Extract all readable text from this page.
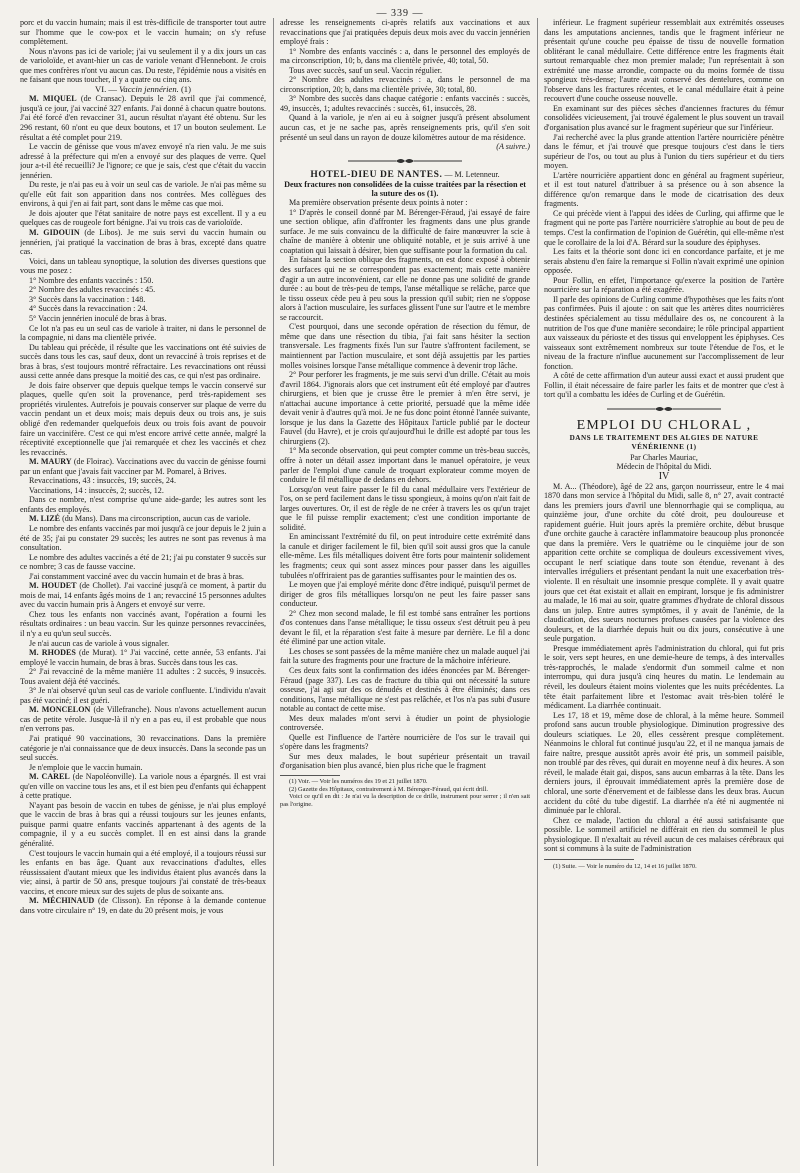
— 339 —

porc et du vaccin humain; mais il est très-difficile de transporter tout autre sur l'homme que le cow-pox et le vaccin humain; on s'y refuse complètement.

Nous n'avons pas ici de variole; j'ai vu seulement il y a dix jours un cas de varioloïde, et avant-hier un cas de variole venant d'Hennebont. Je crois que mes confrères n'ont vu aucun cas. Du reste, l'épidémie nous a visités en ne faisant que nous toucher, il y a quatre ou cinq ans.

VI. — Vaccin jennérien. (1)

M. MIQUEL (de Cransac). Depuis le 28 avril que j'ai commencé, jusqu'à ce jour, j'ai vacciné 327 enfants. J'ai donné à chacun quatre boutons. J'ai été forcé d'en revacciner 31, aucun résultat n'ayant été obtenu. Sur les 296 restant, 60 n'ont eu que deux boutons, et 17 un bouton seulement. Le résultat a été complet pour 219.

Le vaccin de génisse que vous m'avez envoyé n'a rien valu. Je me suis adressé à la préfecture qui m'en a envoyé sur des plaques de verre. Quel jour a-t-il été recueilli? Je l'ignore; ce que je sais, c'est que c'était du vaccin jennérien.

Du reste, je n'ai pas eu à voir un seul cas de variole. Je n'ai pas même su qu'elle eût fait son apparition dans nos contrées. Mes collègues des environs, à qui j'en ai fait part, sont dans le même cas que moi.

Je dois ajouter que l'état sanitaire de notre pays est excellent. Il y a eu quelques cas de rougeole fort bénigne. J'ai vu trois cas de varioloïde.

M. GIDOUIN (de Libos). Je me suis servi du vaccin humain ou jennérien, j'ai pratiqué la vaccination de bras à bras, excepté dans quatre cas.

Voici, dans un tableau synoptique, la solution des diverses questions que vous me posez :

1° Nombre des enfants vaccinés : 150.

2° Nombre des adultes revaccinés : 45.

3° Succès dans la vaccination : 148.

4° Succès dans la revaccination : 24.

5° Vaccin jennérien inoculé de bras à bras.

Ce lot n'a pas eu un seul cas de variole à traiter, ni dans le personnel de la compagnie, ni dans ma clientèle privée.

Du tableau qui précède, il résulte que les vaccinations ont été suivies de succès dans tous les cas, sauf deux, dont un revacciné à trois reprises et de bras à bras, s'est toujours montré réfractaire. Les revaccinations ont réussi aussi cette année dans presque la moitié des cas, ce qui n'est pas ordinaire.

Je dois faire observer que depuis quelque temps le vaccin conservé sur plaques, quelle qu'en soit la provenance, perd très-rapidement ses propriétés virulentes. Autrefois je pouvais conserver sur plaque de verre du vaccin pendant un et deux mois; mais depuis deux ou trois ans, je suis obligé d'en redemander quelquefois deux ou trois fois avant de pouvoir faire un vaccinifère. C'est ce qui m'est encore arrivé cette année, malgré la réceptivité exceptionnelle que j'ai remarquée et chez les vaccinés et chez les revaccinés.

M. MAURY (de Floirac). Vaccinations avec du vaccin de génisse fourni par un enfant que j'avais fait vacciner par M. Pomarel, à Brives.

Revaccinations, 43 : insuccès, 19; succès, 24.

Vaccinations, 14 : insuccès, 2; succès, 12.

Dans ce nombre, n'est comprise qu'une aide-garde; les autres sont les enfants des employés.

M. LIZÉ (du Mans). Dans ma circonscription, aucun cas de variole.

Le nombre des enfants vaccinés par moi jusqu'à ce jour depuis le 2 juin a été de 35; j'ai pu constater 29 succès; les autres ne sont pas revenus à ma consultation.

Le nombre des adultes vaccinés a été de 21; j'ai pu constater 9 succès sur ce nombre; 3 cas de fausse vaccine.

J'ai constamment vacciné avec du vaccin humain et de bras à bras.

M. HOUDET (de Chollet). J'ai vacciné jusqu'à ce moment, à partir du mois de mai, 14 enfants âgés moins de 1 an; revacciné 15 personnes adultes avec du vaccin humain pris à Angers et envoyé sur verre.

Chez tous les enfants non vaccinés avant, l'opération a fourni les résultats ordinaires : un beau vaccin. Sur les quinze personnes revaccinées, il n'y a eu qu'un seul succès.

Je n'ai aucun cas de variole à vous signaler.

M. RHODES (de Murat). 1° J'ai vacciné, cette année, 53 enfants. J'ai employé le vaccin humain, de bras à bras. Succès dans tous les cas.

2° J'ai revacciné de la même manière 11 adultes : 2 succès, 9 insuccès. Tous avaient déjà été vaccinés.

3° Je n'ai observé qu'un seul cas de variole confluente. L'individu n'avait pas été vacciné; il est guéri.

M. MONCELON (de Villefranche). Nous n'avons actuellement aucun cas de petite vérole. Jusque-là il n'y en a pas eu, il est probable que nous n'en verrons pas.

J'ai pratiqué 90 vaccinations, 30 revaccinations. Dans la première catégorie je n'ai connaissance que de deux insuccès. Dans la seconde pas un seul succès.

Je n'emploie que le vaccin humain.

M. CAREL (de Napoléonville). La variole nous a épargnés. Il est vrai qu'en ville on vaccine tous les ans, et il est bien peu d'enfants qui échappent à cette pratique.

N'ayant pas besoin de vaccin en tubes de génisse, je n'ai plus employé que le vaccin de bras à bras qui a réussi toujours sur les jeunes enfants, puisque parmi quatre enfants vaccinés appartenant à des agents de la compagnie, il y a eu succès complet. Il en est ainsi dans la grande généralité.

C'est toujours le vaccin humain qui a été employé, il a toujours réussi sur les enfants en bas âge. Quant aux revaccinations d'adultes, elles réussissaient d'autant mieux que les individus étaient plus avancés dans la vie; ainsi, à partir de 50 ans, presque toujours j'ai constaté de très-beaux vaccins, et encore mieux sur des sujets de plus de soixante ans.

M. MÉCHINAUD (de Clisson). En réponse à la demande contenue dans votre circulaire n° 19, en date du 20 présent mois, je vous

adresse les renseignements ci-après relatifs aux vaccinations et aux revaccinations que j'ai pratiquées depuis deux mois avec du vaccin jennérien employé frais :

1° Nombre des enfants vaccinés : a, dans le personnel des employés de ma circonscription, 10; b, dans ma clientèle privée, 40; total, 50.

Tous avec succès, sauf un seul. Vaccin régulier.

2° Nombre des adultes revaccinés : a, dans le personnel de ma circonscription, 20; b, dans ma clientèle privée, 30; total, 80.

3° Nombre des succès dans chaque catégorie : enfants vaccinés : succès, 49, insuccès, 1; adultes revaccinés : succès, 61, insuccès, 28.

Quand à la variole, je n'en ai eu à soigner jusqu'à présent absolument aucun cas, et je ne sache pas, après renseignements pris, qu'il s'en soit présenté un seul dans un rayon de douze kilomètres autour de ma résidence.

(A suivre.)

HOTEL-DIEU DE NANTES. — M. Letenneur.

Deux fractures non consolidées de la cuisse traitées par la résection et la suture des os (1).

Ma première observation présente deux points à noter :

1° D'après le conseil donné par M. Bérenger-Féraud, j'ai essayé de faire une section oblique, afin d'affronter les fragments dans une plus grande surface. Je me suis convaincu de la difficulté de faire manœuvrer la scie à chaîne de manière à obtenir une obliquité notable, et je suis arrivé à une coaptation qui laissait à désirer, bien que suffisante pour la formation du cal.

En faisant la section oblique des fragments, on est donc exposé à obtenir des surfaces qui ne se correspondent pas exactement; mais cette manière d'agir a un autre inconvénient, car elle ne donne pas une solidité de grande durée : au bout de très-peu de temps, l'anse métallique se relâche, parce que le tissu osseux cède peu à peu sous la pression qu'il subit; rien ne s'oppose alors à l'action musculaire, les surfaces glissent l'une sur l'autre et le membre se raccourcit.

C'est pourquoi, dans une seconde opération de résection du fémur, de même que dans une résection du tibia, j'ai fait sans hésiter la section transversale. Les fragments fixés l'un sur l'autre s'affrontent facilement, se maintiennent par l'action musculaire, et sont déjà assujettis par les parties molles voisines lorsque l'anse métallique commence à devenir trop lâche.

2° Pour perforer les fragments, je me suis servi d'un drille. C'était au mois d'avril 1864. J'ignorais alors que cet instrument eût été employé par d'autres chirurgiens, et bien que je crusse être le premier à m'en être servi, je n'attachai aucune importance à cette priorité, persuadé que la même idée devait venir à d'autres qu'à moi. Je ne fus donc point étonné l'année suivante, lorsque je lus dans la Gazette des Hôpitaux l'article publié par le docteur Fauvel (du Havre), et je crois qu'aujourd'hui le drille est adopté par tous les chirurgiens (2).

1° Ma seconde observation, qui peut compter comme un très-beau succès, offre à noter un détail assez important dans le manuel opératoire, je veux parler de l'emploi d'une canule de troquart explorateur comme moyen de conduire le fil métallique de dedans en dehors.

Lorsqu'on veut faire passer le fil du canal médullaire vers l'extérieur de l'os, on se perd facilement dans le tissu spongieux, à moins qu'on n'ait fait de larges ouvertures. Or, il est de règle de ne créer à travers les os qu'un trajet que le fil puisse remplir exactement; c'est une condition importante de solidité.

En amincissant l'extrémité du fil, on peut introduire cette extrémité dans la canule et diriger facilement le fil, bien qu'il soit aussi gros que la canule elle-même. Les fils métalliques doivent être forts pour maintenir solidement les fragments; ceux qui sont assez minces pour passer dans les aiguilles tubulées n'offriraient pas de garanties suffisantes pour le maintien des os.

Le moyen que j'ai employé mérite donc d'être indiqué, puisqu'il permet de diriger de gros fils métalliques lorsqu'on ne peut les faire passer sans conducteur.

2° Chez mon second malade, le fil est tombé sans entraîner les portions d'os contenues dans l'anse métallique; le tissu osseux s'est détruit peu à peu devant le fil, et la réparation s'est faite à mesure par derrière. Le fil a donc été éliminé par une action vitale.

Les choses se sont passées de la même manière chez un malade auquel j'ai fait la suture des fragments pour une fracture de la mâchoire inférieure.

Ces deux faits sont la confirmation des idées énoncées par M. Bérenger-Féraud (page 337). Les cas de fracture du tibia qui ont nécessité la suture osseuse, j'ai agi sur des os dénudés et destinés à être éliminés; dans ces conditions, l'anse métallique ne s'est pas relâchée, et l'os n'a pas subi d'usure notable au contact de cette mise.

Mes deux malades m'ont servi à étudier un point de physiologie controversée.

Quelle est l'influence de l'artère nourricière de l'os sur le travail qui s'opère dans les fragments?

Sur mes deux malades, le bout supérieur présentait un travail d'organisation bien plus avancé, bien plus riche que le fragment

(1) Voir. — Voir les numéros des 19 et 21 juillet 1870.

(2) Gazette des Hôpitaux, contrairement à M. Bérenger-Féraud, qui écrit drill.

Voici ce qu'il en dit : Je n'ai vu la description de ce drille, instrument pour serrer ; il n'en sait pas l'origine.

inférieur. Le fragment supérieur ressemblait aux extrémités osseuses dans les amputations anciennes, tandis que le fragment inférieur ne présentait qu'une couche peu épaisse de tissu de nouvelle formation oblitérant le canal médullaire. Cette différence entre les fragments était surtout remarquable chez mon premier malade; l'un représentait à son extrémité une masse arrondie, compacte ou du moins formée de tissu spongieux très-dense; l'autre avait conservé des dentelures, comme on l'observe dans les fractures récentes, et le canal médullaire était à peine recouvert d'une couche osseuse nouvelle.

En examinant sur des pièces sèches d'anciennes fractures du fémur consolidées vicieusement, j'ai trouvé également le plus souvent un travail d'organisation plus avancé sur le fragment supérieur que sur l'inférieur.

J'ai recherché avec la plus grande attention l'artère nourricière pénètre dans le fémur, et j'ai trouvé que presque toujours c'est dans le tiers supérieur de l'os, ou tout au plus à l'union du tiers supérieur et du tiers moyen.

L'artère nourricière appartient donc en général au fragment supérieur, et il est tout naturel d'attribuer à sa présence ou à son absence la différence qu'on remarque dans le mode de cicatrisation des deux fragments.

Ce qui précède vient à l'appui des idées de Curling, qui affirme que le fragment qui ne porte pas l'artère nourricière s'atrophie au bout de peu de temps. C'est la confirmation de l'opinion de Guérétin, qui elle-même n'est que le corollaire de la loi d'A. Bérard sur la soudure des épiphyses.

Les faits et la théorie sont donc ici en concordance parfaite, et je me serais abstenu d'en faire la remarque si Follin n'avait exprimé une opinion opposée.

Pour Follin, en effet, l'importance qu'exerce la position de l'artère nourricière sur la réparation a été exagérée.

Il parle des opinions de Curling comme d'hypothèses que les faits n'ont pas confirmées. Puis il ajoute : on sait que les artères dites nourricières destinées spécialement au tissu médullaire des os, ne concourent à la nutrition de l'os que d'une manière secondaire; le rôle principal appartient aux vaisseaux du périoste et des tissus qui enveloppent les épiphyses. Ces vaisseaux sont extrêmement nombreux sur toute l'étendue de l'os, et le niveau de la fracture n'influe aucunement sur l'accomplissement de leur fonction.

A côté de cette affirmation d'un auteur aussi exact et aussi prudent que Follin, il était nécessaire de faire parler les faits et de montrer que c'est à tort qu'il a combattu les idées de Curling et de Guérétin.

EMPLOI DU CHLORAL ,

DANS LE TRAITEMENT DES ALGIES DE NATURE VÉNÉRIENNE (1)

Par Charles Mauriac,

Médecin de l'hôpital du Midi.

IV

M. A... (Théodore), âgé de 22 ans, garçon nourrisseur, entre le 4 mai 1870 dans mon service à l'hôpital du Midi, salle 8, n° 27, avait contracté dans les premiers jours d'avril une blennorrhagie qui se compliqua, au quinzième jour, d'une orchite du côté droit, peu douloureuse et rapidement guérie. Huit jours après la première orchite, début brusque d'une orchite gauche à caractère inflammatoire beaucoup plus prononcée que dans la première. Vers le quatrième ou le cinquième jour de son apparition cette orchite se compliqua de douleurs excessivement vives, occupant le nerf sciatique dans toute son étendue, revenant à des intervalles irréguliers et présentant pendant la nuit une exacerbation très-violente. Il en résultait une insomnie presque complète. Il y avait quatre jours que cet état existait et allait en empirant, lorsque je fis administrer au malade, le 16 mai au soir, quatre grammes d'hydrate de chloral dissous dans un julep. Entre autres symptômes, il y avait de l'anémie, de la claudication, des sueurs nocturnes profuses causées par la violence des douleurs, et de la diarrhée depuis huit ou dix jours, consécutive à une seule purgation.

Presque immédiatement après l'administration du chloral, qui fut pris le soir, vers sept heures, en une demie-heure de temps, à des intervalles très-rapprochés, le malade s'endormit d'un sommeil calme et non interrompu, qui dura jusqu'à cinq heures du matin. Le lendemain au réveil, les douleurs étaient moins violentes que les nuits précédentes. La tête était parfaitement libre et l'estomac avait très-bien toléré le médicament. La diarrhée continuait.

Les 17, 18 et 19, même dose de chloral, à la même heure. Sommeil profond sans aucun trouble physiologique. Diminution progressive des douleurs sciatiques. Le 20, elles cessèrent presque complètement. Néanmoins le chloral fut continué jusqu'au 22, et il ne manqua jamais de faire naître, presque aussitôt après avoir été pris, un sommeil paisible, non troublé par des rêves, qui durait en moyenne neuf à dix heures. A son réveil, le malade était gai, dispos, sans aucun embarras à la tête. Dans les derniers jours, il éprouvait immédiatement après la première dose de chloral, une sorte d'énervement et de faiblesse dans les deux bras. Aucun accident du côté du tube digestif. La diarrhée n'a été ni augmentée ni diminuée par le chloral.

Chez ce malade, l'action du chloral a été aussi satisfaisante que possible. Le sommeil artificiel ne différait en rien du sommeil le plus physiologique. Il n'exaltait au réveil aucun de ces malaises cérébraux qui sont si communs à la suite de l'administration

(1) Suite. — Voir le numéro du 12, 14 et 16 juillet 1870.
